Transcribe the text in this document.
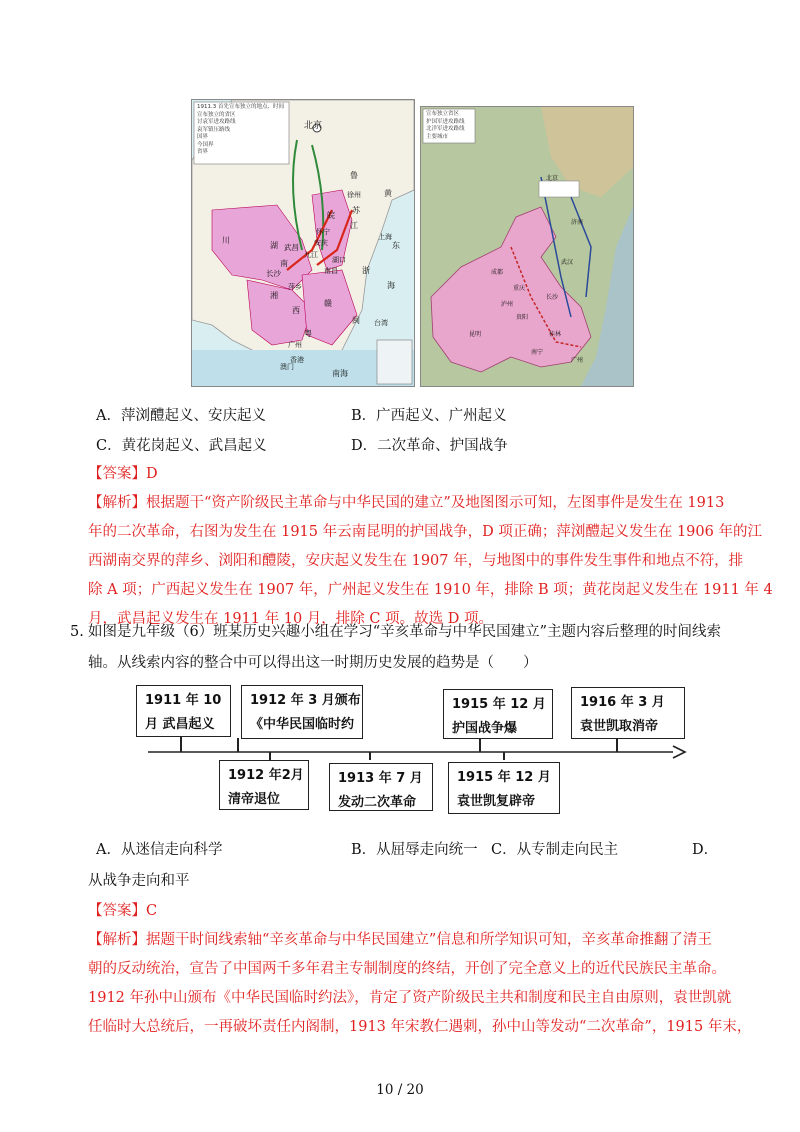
1911.3 首先宣布独立的地点、时间
宣布独立的省区
讨袁军进攻路线
袁军镇压路线
国界
今国界
省界
北京
鲁
徐州
苏
皖
怀宁
安庆
武昌
九江
湖口
南昌
长沙
萍乡
湘
赣
浙
闽
粤
广州
香港
澳门
台湾
上海
江
湖
南
川
西
海
黄
东
南海
宣布独立省区
护国军进攻路线
北洋军进攻路线
主要城市
北京
济南
武汉
长沙
成都
重庆
贵阳
昆明
广州
南宁
桂林
泸州
A．萍浏醴起义、安庆起义	B．广西起义、广州起义
C．黄花岗起义、武昌起义	D．二次革命、护国战争
【答案】D
【解析】根据题干“资产阶级民主革命与中华民国的建立”及地图图示可知，左图事件是发生在 1913
年的二次革命，右图为发生在 1915 年云南昆明的护国战争，D 项正确；萍浏醴起义发生在 1906 年的江
西湖南交界的萍乡、浏阳和醴陵，安庆起义发生在 1907 年，与地图中的事件发生事件和地点不符，排
除 A 项；广西起义发生在 1907 年，广州起义发生在 1910 年，排除 B 项；黄花岗起义发生在 1911 年 4
月，武昌起义发生在 1911 年 10 月，排除 C 项。故选 D 项。
5. 如图是九年级（6）班某历史兴趣小组在学习“辛亥革命与中华民国建立”主题内容后整理的时间线索
轴。从线索内容的整合中可以得出这一时期历史发展的趋势是（　　）
1911 年 10
月 武昌起义
1912 年 3 月颁布
《中华民国临时约
1915 年 12 月
护国战争爆
1916 年 3 月
袁世凯取消帝
1912 年2月
清帝退位
1913 年 7 月
发动二次革命
1915 年 12 月
袁世凯复辟帝
A．从迷信走向科学	B．从屈辱走向统一 C．从专制走向民主	D．
从战争走向和平
【答案】C
【解析】据题干时间线索轴“辛亥革命与中华民国建立”信息和所学知识可知，辛亥革命推翻了清王
朝的反动统治，宣告了中国两千多年君主专制制度的终结，开创了完全意义上的近代民族民主革命。
1912 年孙中山颁布《中华民国临时约法》，肯定了资产阶级民主共和制度和民主自由原则，袁世凯就
任临时大总统后，一再破坏责任内阁制，1913 年宋教仁遇刺，孙中山等发动“二次革命”，1915 年末，
10 / 20
